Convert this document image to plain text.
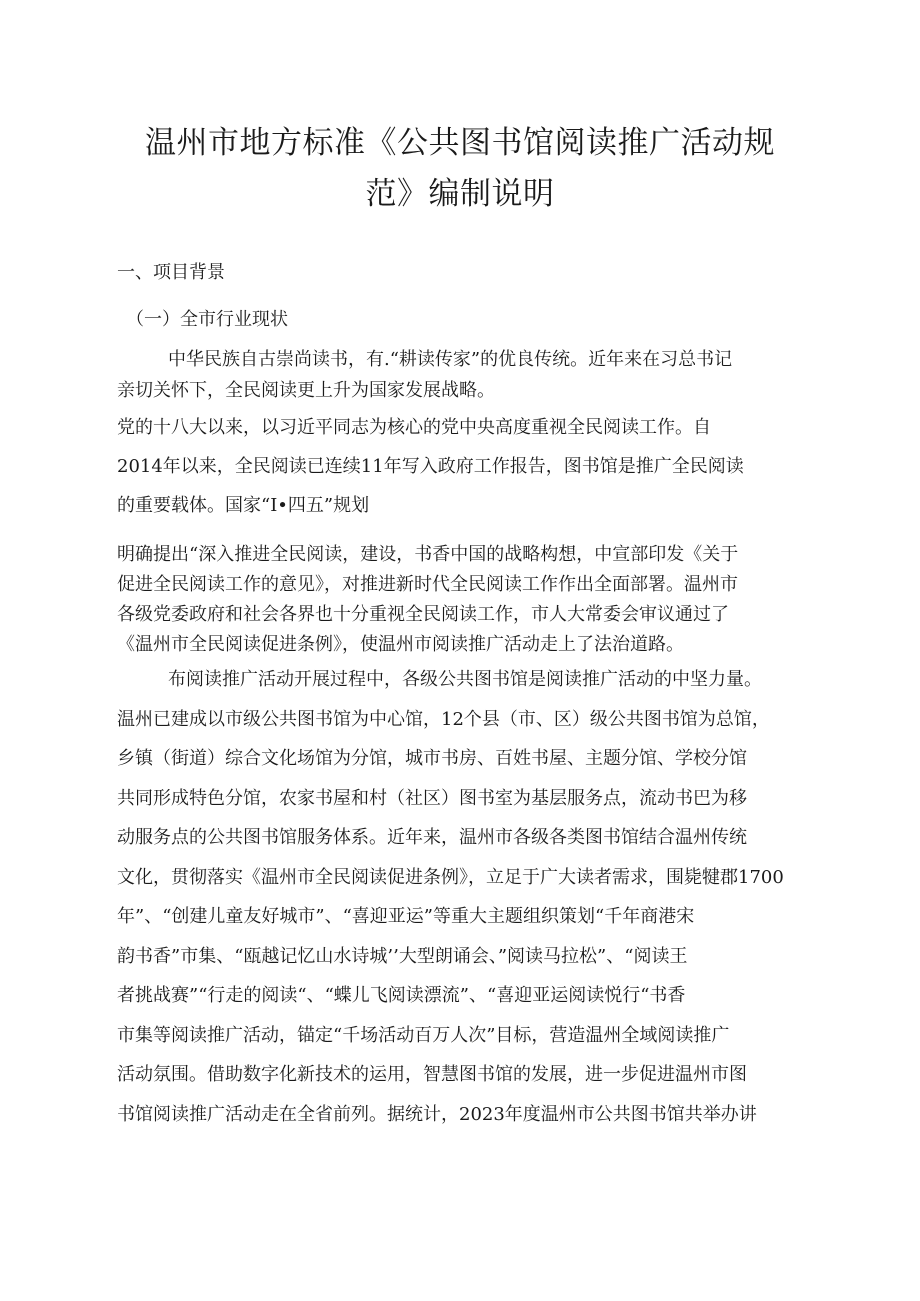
温州市地方标准《公共图书馆阅读推广活动规
范》编制说明
一、项目背景
（一）全市行业现状

中华民族自古崇尚读书，有.“耕读传家”的优良传统。近年来在习总书记
亲切关怀下，全民阅读更上升为国家发展战略。

党的十八大以来，以习近平同志为核心的党中央高度重视全民阅读工作。自
2014年以来，全民阅读已连续11年写入政府工作报告，图书馆是推广全民阅读
的重要载体。国家“I•四五”规划

明确提出“深入推进全民阅读，建设，书香中国的战略构想，中宣部印发《关于
促进全民阅读工作的意见》，对推进新时代全民阅读工作作出全面部署。温州市
各级党委政府和社会各界也十分重视全民阅读工作，市人大常委会审议通过了
《温州市全民阅读促进条例》，使温州市阅读推广活动走上了法治道路。

布阅读推广活动开展过程中，各级公共图书馆是阅读推广活动的中坚力量。
温州已建成以市级公共图书馆为中心馆，12个县（市、区）级公共图书馆为总馆，
乡镇（街道）综合文化场馆为分馆，城市书房、百姓书屋、主题分馆、学校分馆
共同形成特色分馆，农家书屋和村（社区）图书室为基层服务点，流动书巴为移
动服务点的公共图书馆服务体系。近年来，温州市各级各类图书馆结合温州传统
文化，贯彻落实《温州市全民阅读促进条例》，立足于广大读者需求，围毙犍郡1700
年”、“创建儿童友好城市”、“喜迎亚运”等重大主题组织策划“千年商港宋
韵书香”市集、“瓯越记忆山水诗城’’大型朗诵会、”阅读马拉松”、“阅读王
者挑战赛”“行走的阅读“、“蝶儿飞阅读漂流”、“喜迎亚运阅读悦行“书香
市集等阅读推广活动，锚定“千场活动百万人次”目标，营造温州全域阅读推广
活动氛围。借助数字化新技术的运用，智慧图书馆的发展，进一步促进温州市图
书馆阅读推广活动走在全省前列。据统计，2023年度温州市公共图书馆共举办讲
